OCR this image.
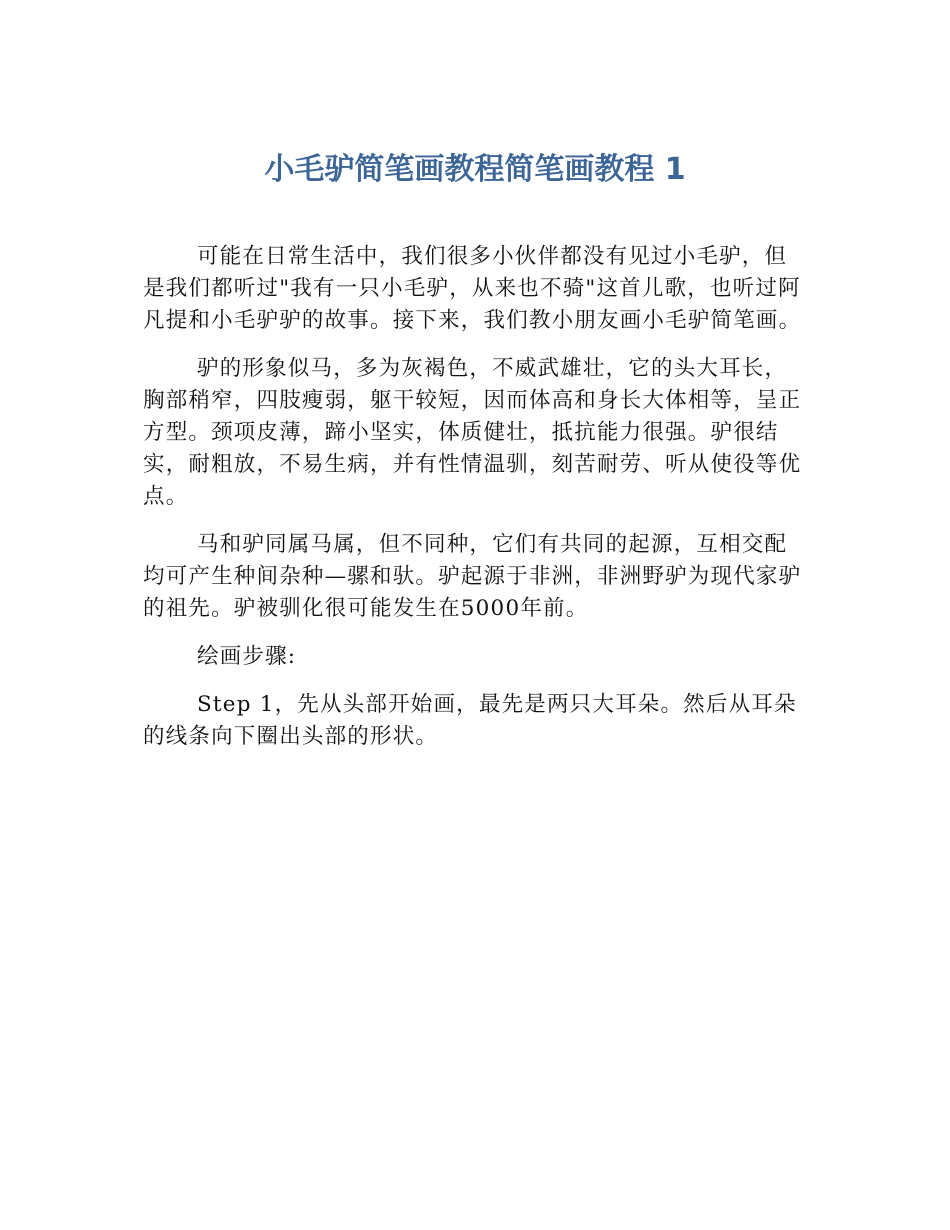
小毛驴简笔画教程简笔画教程 1

可能在日常生活中，我们很多小伙伴都没有见过小毛驴，但是我们都听过"我有一只小毛驴，从来也不骑"这首儿歌，也听过阿凡提和小毛驴驴的故事。接下来，我们教小朋友画小毛驴简笔画。

驴的形象似马，多为灰褐色，不威武雄壮，它的头大耳长，胸部稍窄，四肢瘦弱，躯干较短，因而体高和身长大体相等，呈正方型。颈项皮薄，蹄小坚实，体质健壮，抵抗能力很强。驴很结实，耐粗放，不易生病，并有性情温驯，刻苦耐劳、听从使役等优点。

马和驴同属马属，但不同种，它们有共同的起源，互相交配均可产生种间杂种—骡和驮。驴起源于非洲，非洲野驴为现代家驴的祖先。驴被驯化很可能发生在5000年前。

绘画步骤:

Step 1，先从头部开始画，最先是两只大耳朵。然后从耳朵的线条向下圈出头部的形状。
